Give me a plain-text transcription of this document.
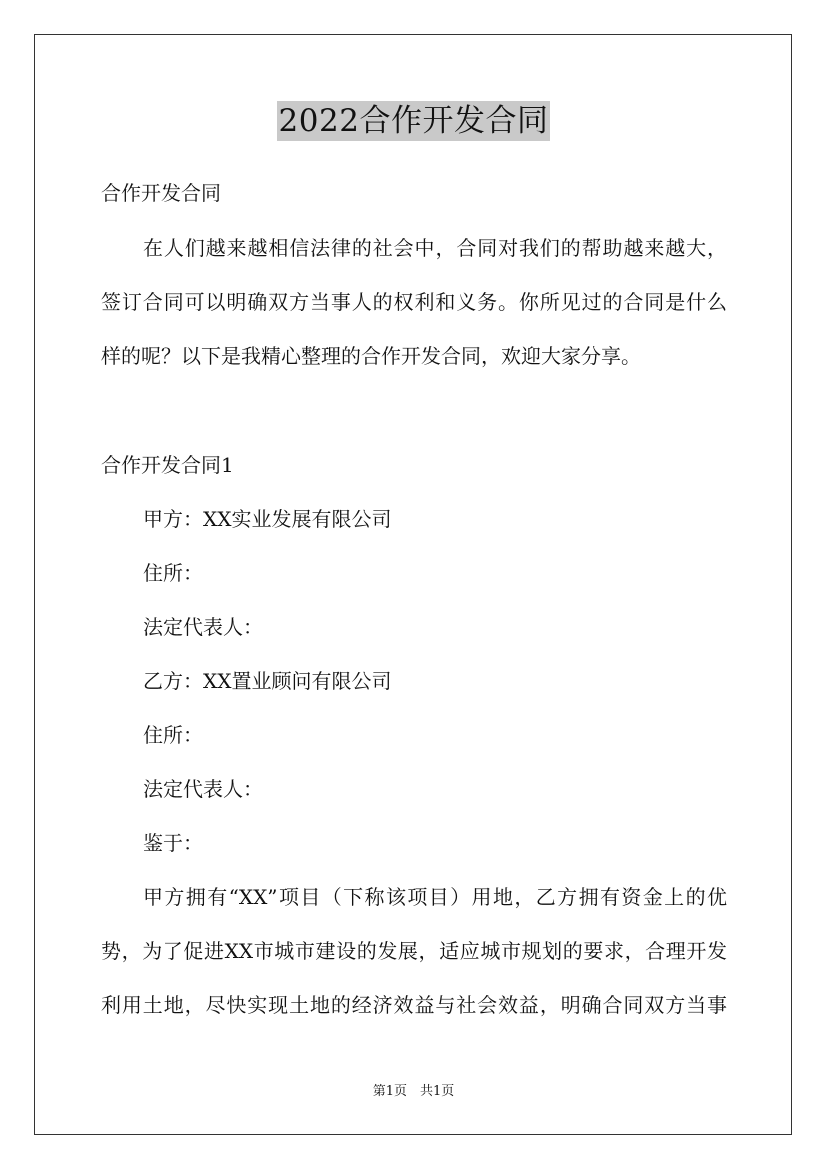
2022合作开发合同
合作开发合同
在人们越来越相信法律的社会中，合同对我们的帮助越来越大，
签订合同可以明确双方当事人的权利和义务。你所见过的合同是什么
样的呢？以下是我精心整理的合作开发合同，欢迎大家分享。
合作开发合同1
甲方：XX实业发展有限公司
住所：
法定代表人：
乙方：XX置业顾问有限公司
住所：
法定代表人：
鉴于：
甲方拥有“XX”项目（下称该项目）用地，乙方拥有资金上的优
势，为了促进XX市城市建设的发展，适应城市规划的要求，合理开发
利用土地，尽快实现土地的经济效益与社会效益，明确合同双方当事
第1页　共1页
